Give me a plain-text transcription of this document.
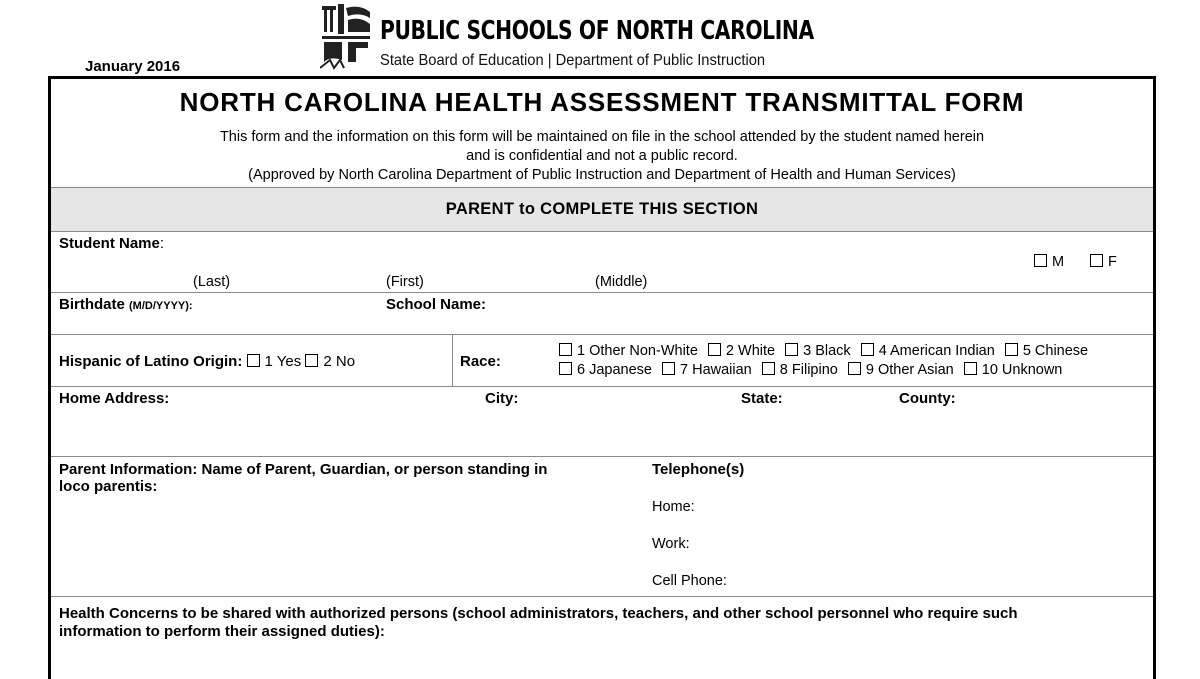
January 2016
PUBLIC SCHOOLS OF NORTH CAROLINA
State Board of Education | Department of Public Instruction
NORTH CAROLINA HEALTH ASSESSMENT TRANSMITTAL FORM
This form and the information on this form will be maintained on file in the school attended by the student named herein
and is confidential and not a public record.
(Approved by North Carolina Department of Public Instruction and Department of Health and Human Services)
PARENT to COMPLETE THIS SECTION
Student Name:
(Last)	(First)	(Middle)
M	F
Birthdate (M/D/YYYY):	School Name:
Hispanic of Latino Origin: 1 Yes 2 No	Race:
1 Other Non-White 2 White 3 Black 4 American Indian 5 Chinese
6 Japanese 7 Hawaiian 8 Filipino 9 Other Asian 10 Unknown
Home Address:	City:	State:	County:
Parent Information: Name of Parent, Guardian, or person standing in
loco parentis:
Telephone(s)
Home:
Work:
Cell Phone:
Health Concerns to be shared with authorized persons (school administrators, teachers, and other school personnel who require such
information to perform their assigned duties):
